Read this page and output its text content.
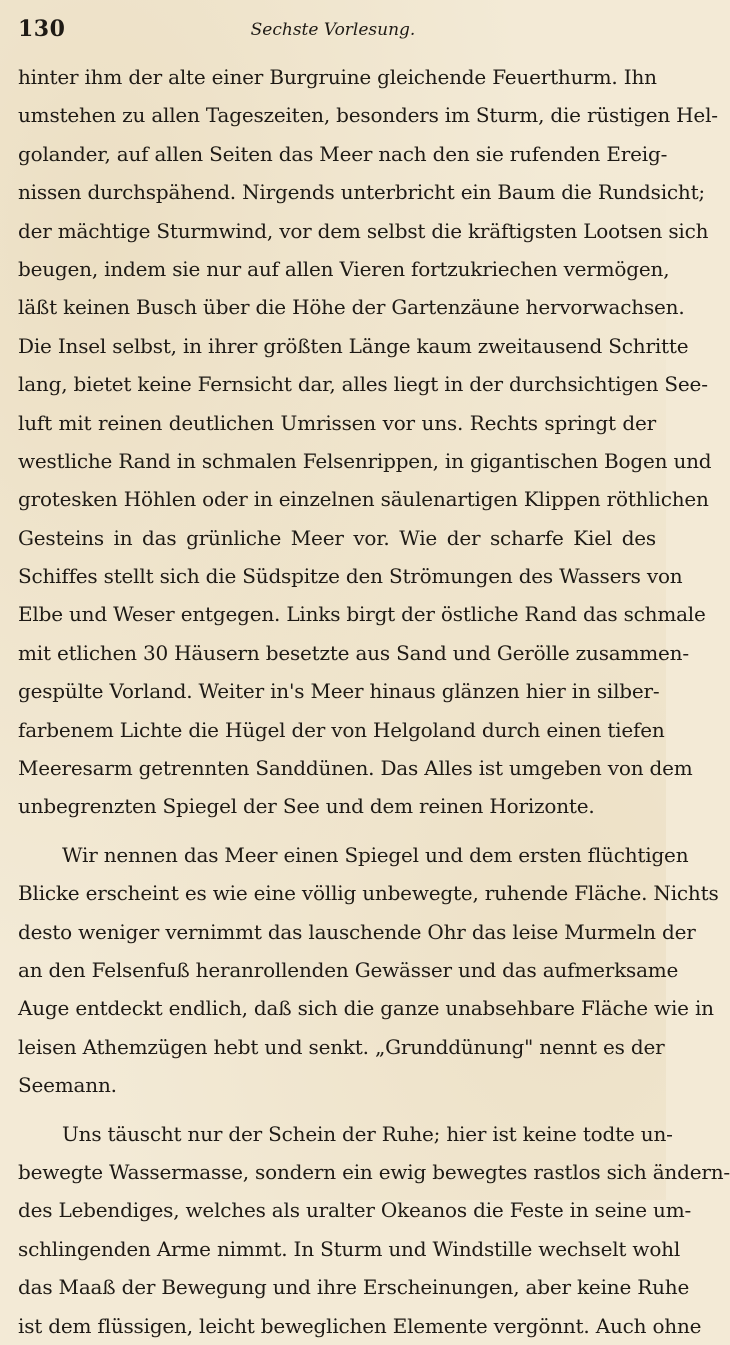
130	Sechste Vorlesung.
hinter ihm der alte einer Burgruine gleichende Feuerthurm. Ihn
umstehen zu allen Tageszeiten, besonders im Sturm, die rüstigen Hel-
golander, auf allen Seiten das Meer nach den sie rufenden Ereig-
nissen durchspähend. Nirgends unterbricht ein Baum die Rundsicht;
der mächtige Sturmwind, vor dem selbst die kräftigsten Lootsen sich
beugen, indem sie nur auf allen Vieren fortzukriechen vermögen,
läßt keinen Busch über die Höhe der Gartenzäune hervorwachsen.
Die Insel selbst, in ihrer größten Länge kaum zweitausend Schritte
lang, bietet keine Fernsicht dar, alles liegt in der durchsichtigen See-
luft mit reinen deutlichen Umrissen vor uns. Rechts springt der
westliche Rand in schmalen Felsenrippen, in gigantischen Bogen und
grotesken Höhlen oder in einzelnen säulenartigen Klippen röthlichen
Gesteins in das grünliche Meer vor. Wie der scharfe Kiel des
Schiffes stellt sich die Südspitze den Strömungen des Wassers von
Elbe und Weser entgegen. Links birgt der östliche Rand das schmale
mit etlichen 30 Häusern besetzte aus Sand und Gerölle zusammen-
gespülte Vorland. Weiter in's Meer hinaus glänzen hier in silber-
farbenem Lichte die Hügel der von Helgoland durch einen tiefen
Meeresarm getrennten Sanddünen. Das Alles ist umgeben von dem
unbegrenzten Spiegel der See und dem reinen Horizonte.
Wir nennen das Meer einen Spiegel und dem ersten flüchtigen
Blicke erscheint es wie eine völlig unbewegte, ruhende Fläche. Nichts
desto weniger vernimmt das lauschende Ohr das leise Murmeln der
an den Felsenfuß heranrollenden Gewässer und das aufmerksame
Auge entdeckt endlich, daß sich die ganze unabsehbare Fläche wie in
leisen Athemzügen hebt und senkt. „Grunddünung" nennt es der
Seemann.
Uns täuscht nur der Schein der Ruhe; hier ist keine todte un-
bewegte Wassermasse, sondern ein ewig bewegtes rastlos sich ändern-
des Lebendiges, welches als uralter Okeanos die Feste in seine um-
schlingenden Arme nimmt. In Sturm und Windstille wechselt wohl
das Maaß der Bewegung und ihre Erscheinungen, aber keine Ruhe
ist dem flüssigen, leicht beweglichen Elemente vergönnt. Auch ohne
